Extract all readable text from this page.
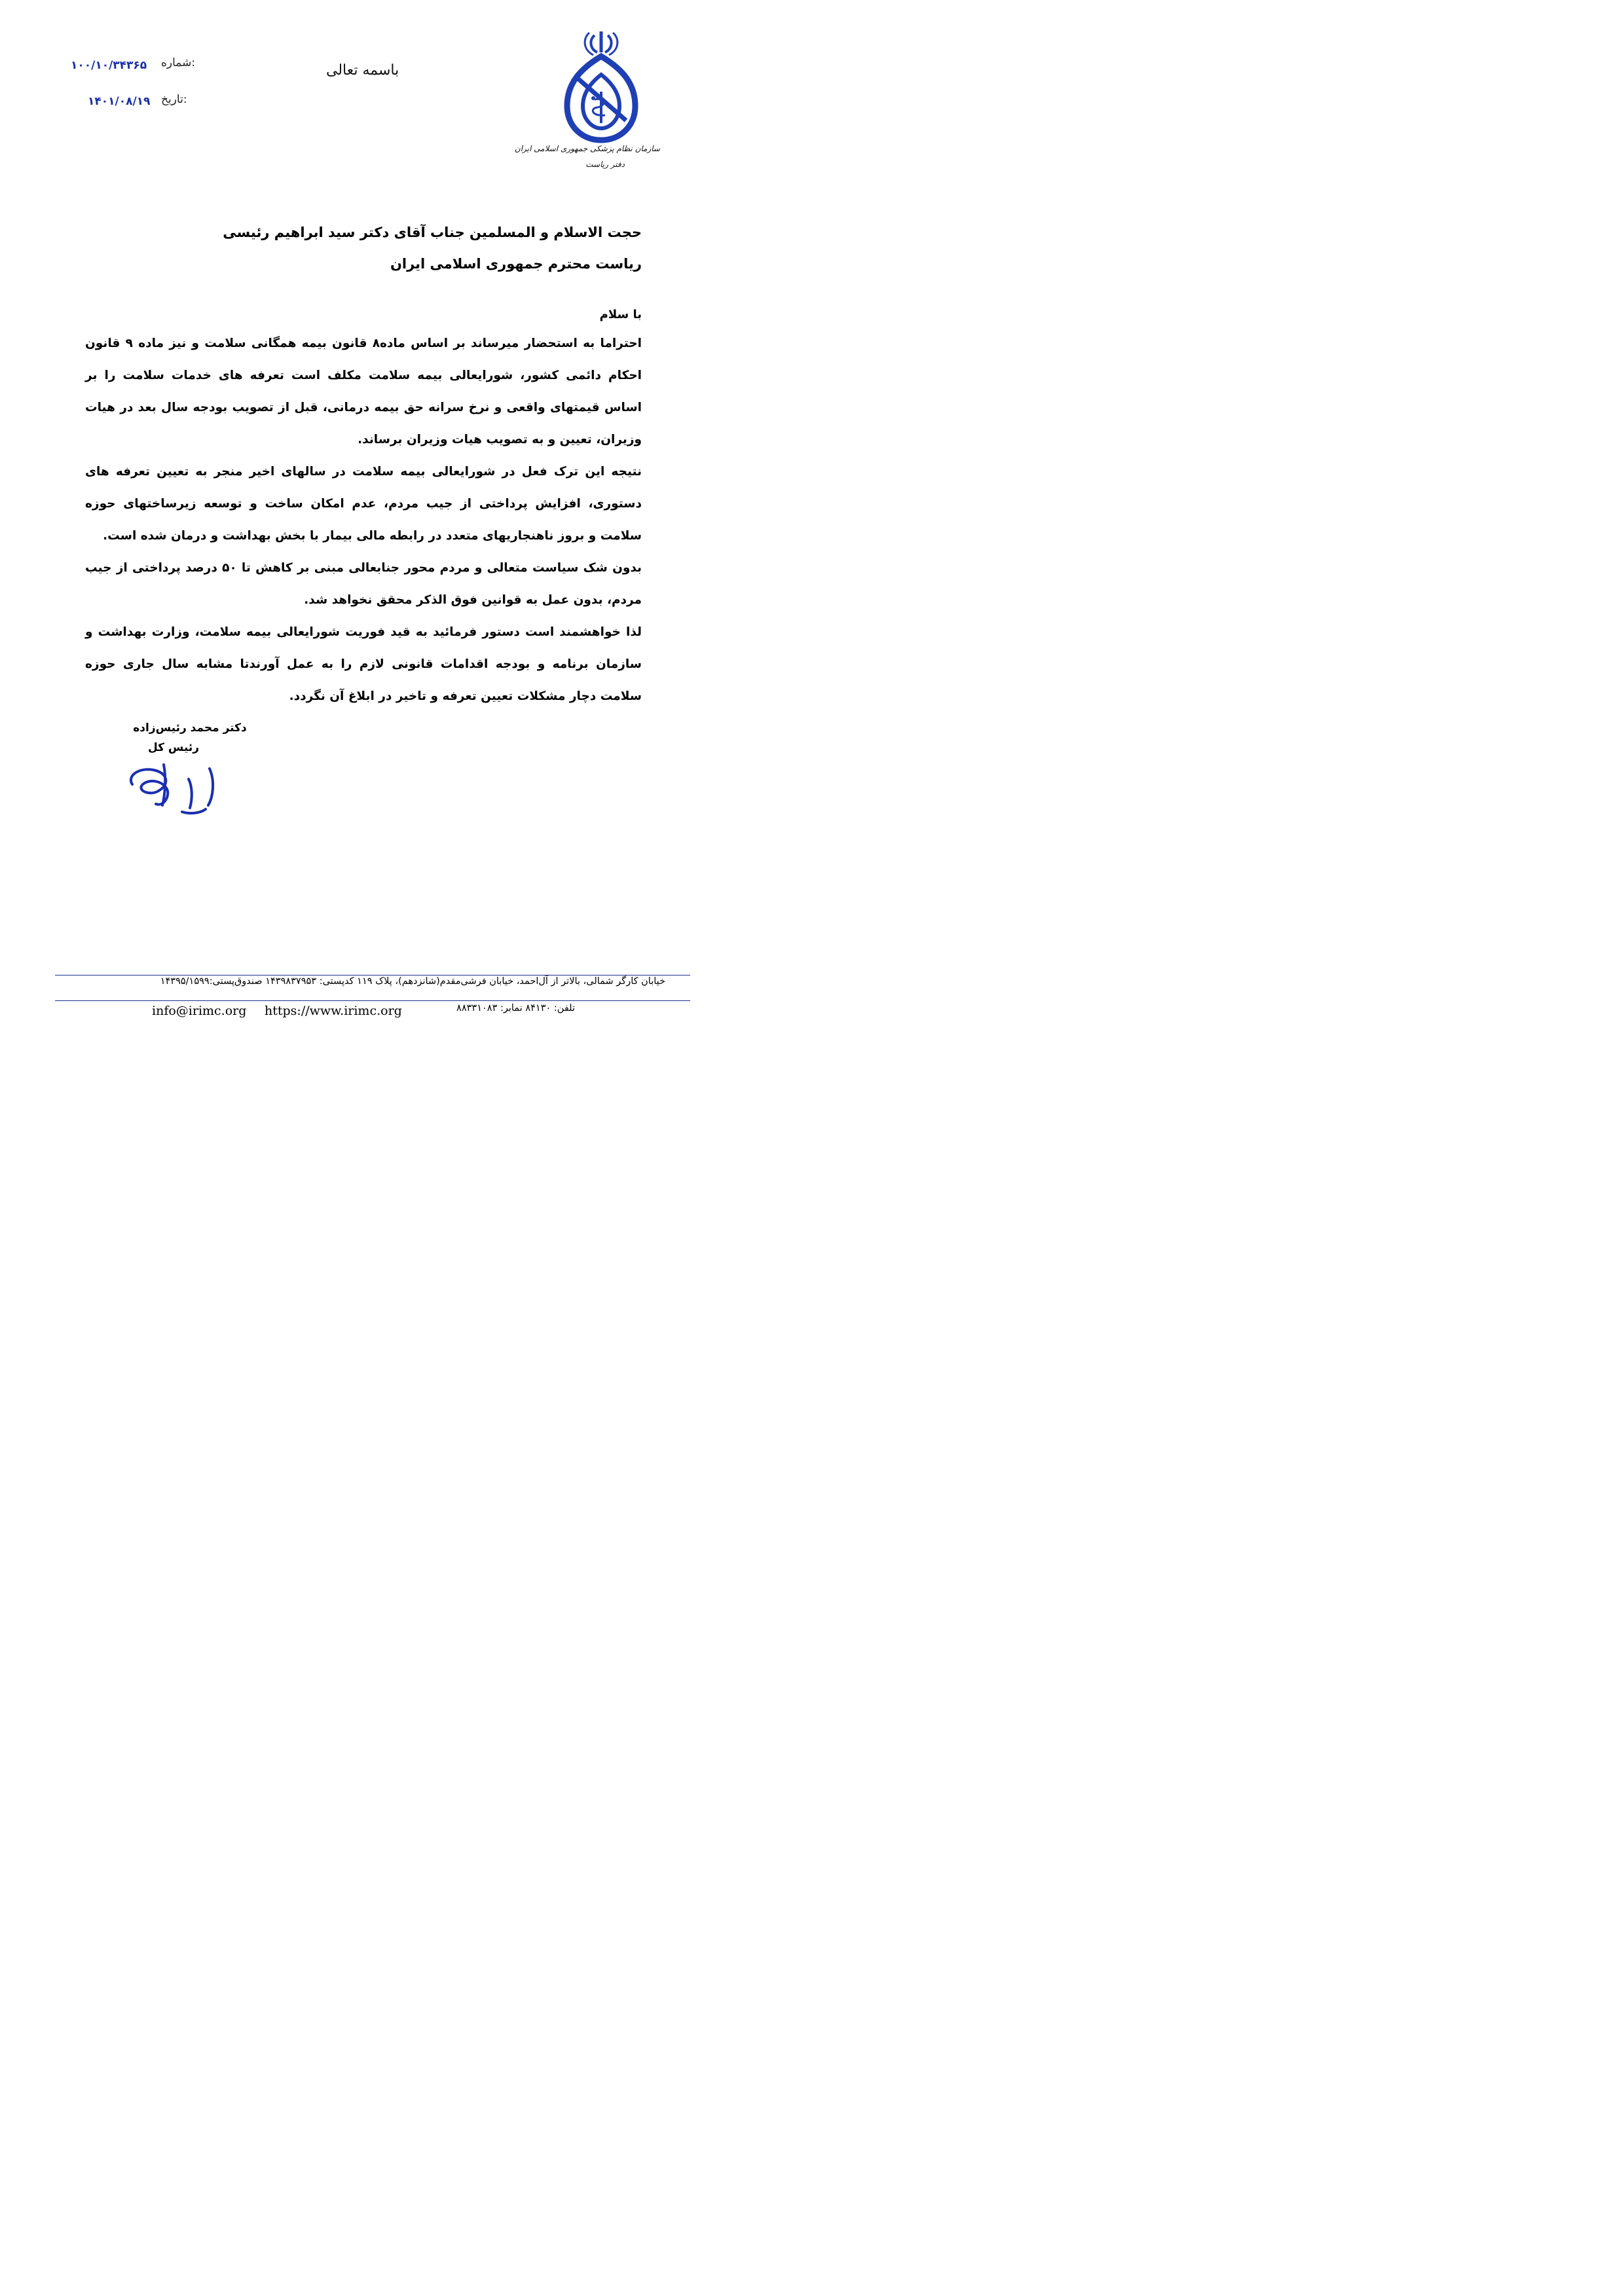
۱۰۰/۱۰/۳۴۳۶۵ شماره:
۱۴۰۱/۰۸/۱۹ تاریخ:
باسمه تعالی
سازمان نظام پزشکی جمهوری اسلامی ایران
دفتر ریاست
حجت الاسلام و المسلمین جناب آقای دکتر سید ابراهیم رئیسی
ریاست محترم جمهوری اسلامی ایران
با سلام

احتراما به استحضار میرساند بر اساس ماده۸ قانون بیمه همگانی سلامت و نیز ماده ۹ قانون احکام دائمی کشور، شورایعالی بیمه سلامت مکلف است تعرفه های خدمات سلامت را بر اساس قیمتهای واقعی و نرخ سرانه حق بیمه درمانی، قبل از تصویب بودجه سال بعد در هیات وزیران، تعیین و به تصویب هیات وزیران برساند.

نتیجه این ترک فعل در شورایعالی بیمه سلامت در سالهای اخیر منجر به تعیین تعرفه های دستوری، افزایش پرداختی از جیب مردم، عدم امکان ساخت و توسعه زیرساختهای حوزه سلامت و بروز ناهنجاریهای متعدد در رابطه مالی بیمار با بخش بهداشت و درمان شده است.

بدون شک سیاست متعالی و مردم محور جنابعالی مبنی بر کاهش تا ۵۰ درصد پرداختی از جیب مردم، بدون عمل به قوانین فوق الذکر محقق نخواهد شد.

لذا خواهشمند است دستور فرمائید به قید فوریت شورایعالی بیمه سلامت، وزارت بهداشت و سازمان برنامه و بودجه اقدامات قانونی لازم را به عمل آورندتا مشابه سال جاری حوزه سلامت دچار مشکلات تعیین تعرفه و تاخیر در ابلاغ آن نگردد.

دکتر محمد رئیس‌زاده
رئیس کل
خیابان کارگر شمالی، بالاتر از آل‌احمد، خیابان فرشی‌مقدم(شانزدهم)، پلاک ۱۱۹ کدپستی: ۱۴۳۹۸۳۷۹۵۳ صندوق‌پستی:۱۴۳۹۵/۱۵۹۹
info@irimc.org https://www.irimc.org	تلفن: ۸۴۱۳۰ نمابر: ۸۸۳۳۱۰۸۳
